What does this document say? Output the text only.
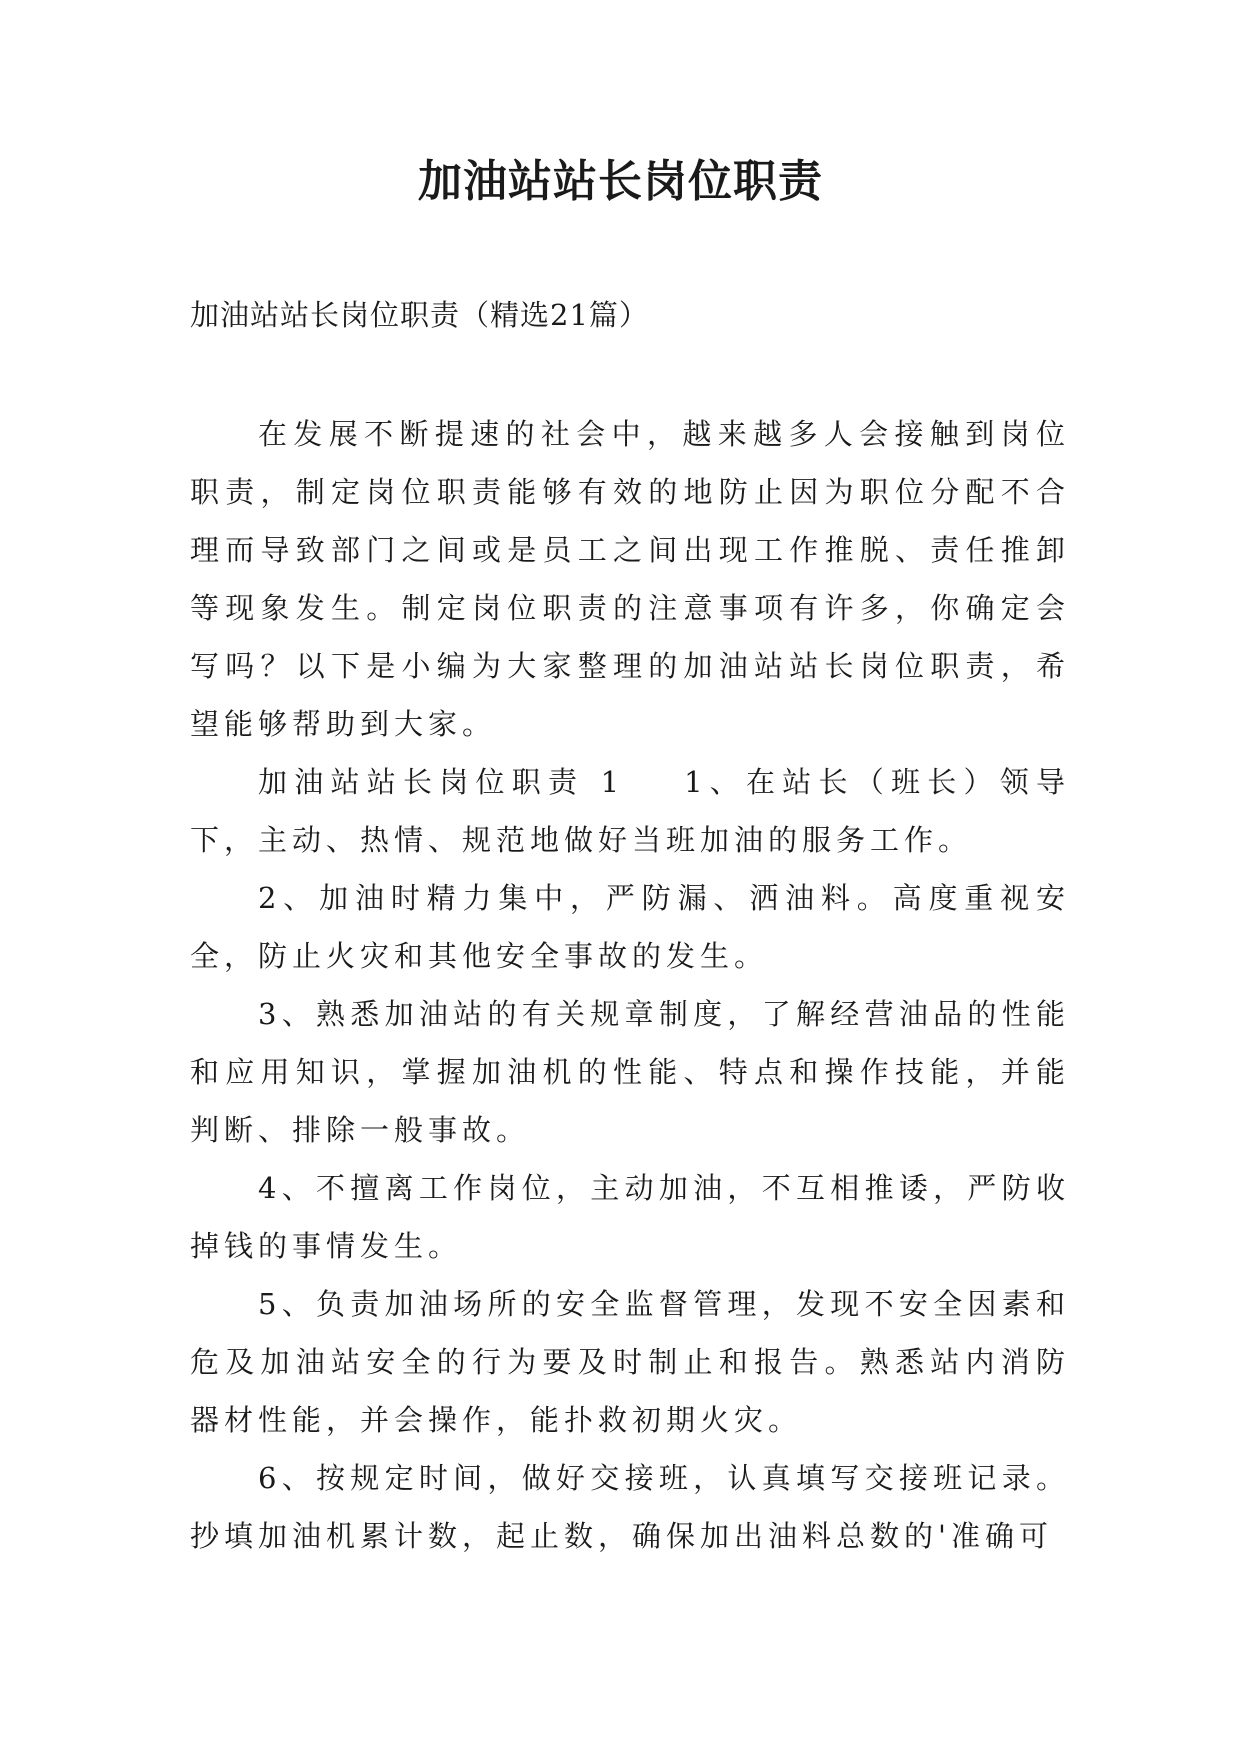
加油站站长岗位职责
加油站站长岗位职责（精选21篇）

在发展不断提速的社会中，越来越多人会接触到岗位职责，制定岗位职责能够有效的地防止因为职位分配不合理而导致部门之间或是员工之间出现工作推脱、责任推卸等现象发生。制定岗位职责的注意事项有许多，你确定会写吗？以下是小编为大家整理的加油站站长岗位职责，希望能够帮助到大家。

加油站站长岗位职责 1 1、在站长（班长）领导下，主动、热情、规范地做好当班加油的服务工作。

2、加油时精力集中，严防漏、洒油料。高度重视安全，防止火灾和其他安全事故的发生。

3、熟悉加油站的有关规章制度，了解经营油品的性能和应用知识，掌握加油机的性能、特点和操作技能，并能判断、排除一般事故。

4、不擅离工作岗位，主动加油，不互相推诿，严防收掉钱的事情发生。

5、负责加油场所的安全监督管理，发现不安全因素和危及加油站安全的行为要及时制止和报告。熟悉站内消防器材性能，并会操作，能扑救初期火灾。

6、按规定时间，做好交接班，认真填写交接班记录。抄填加油机累计数，起止数，确保加出油料总数的'准确可
